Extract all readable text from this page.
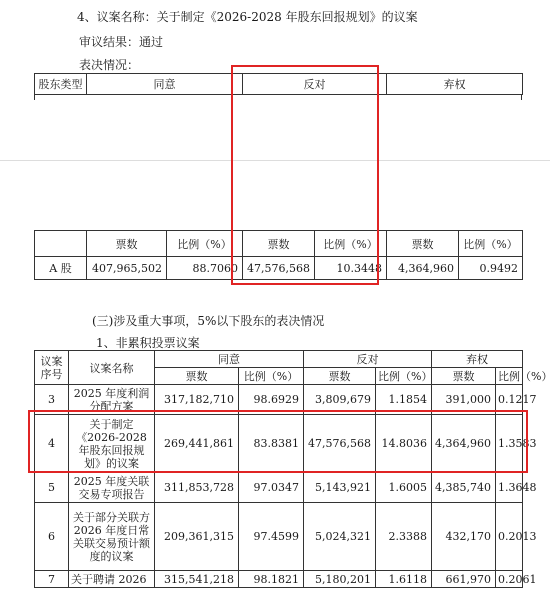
4、议案名称：关于制定《2026-2028 年股东回报规划》的议案
审议结果：通过
表决情况：
股东类型	同意	反对	弃权
	票数	比例（%）	票数	比例（%）	票数	比例（%）
A 股	407,965,502	88.7060	47,576,568	10.3448	4,364,960	0.9492
(三)涉及重大事项，5%以下股东的表决情况
1、非累积投票议案
议案序号	议案名称	同意		反对		弃权	
		票数	比例（%）	票数	比例（%）	票数	比例（%）
3	2025 年度利润分配方案	317,182,710	98.6929	3,809,679	1.1854	391,000	0.1217
4	关于制定《2026-2028 年股东回报规划》的议案	269,441,861	83.8381	47,576,568	14.8036	4,364,960	1.3583
5	2025 年度关联交易专项报告	311,853,728	97.0347	5,143,921	1.6005	4,385,740	1.3648
6	关于部分关联方 2026 年度日常关联交易预计额度的议案	209,361,315	97.4599	5,024,321	2.3388	432,170	0.2013
7	关于聘请 2026	315,541,218	98.1821	5,180,201	1.6118	661,970	0.2061
